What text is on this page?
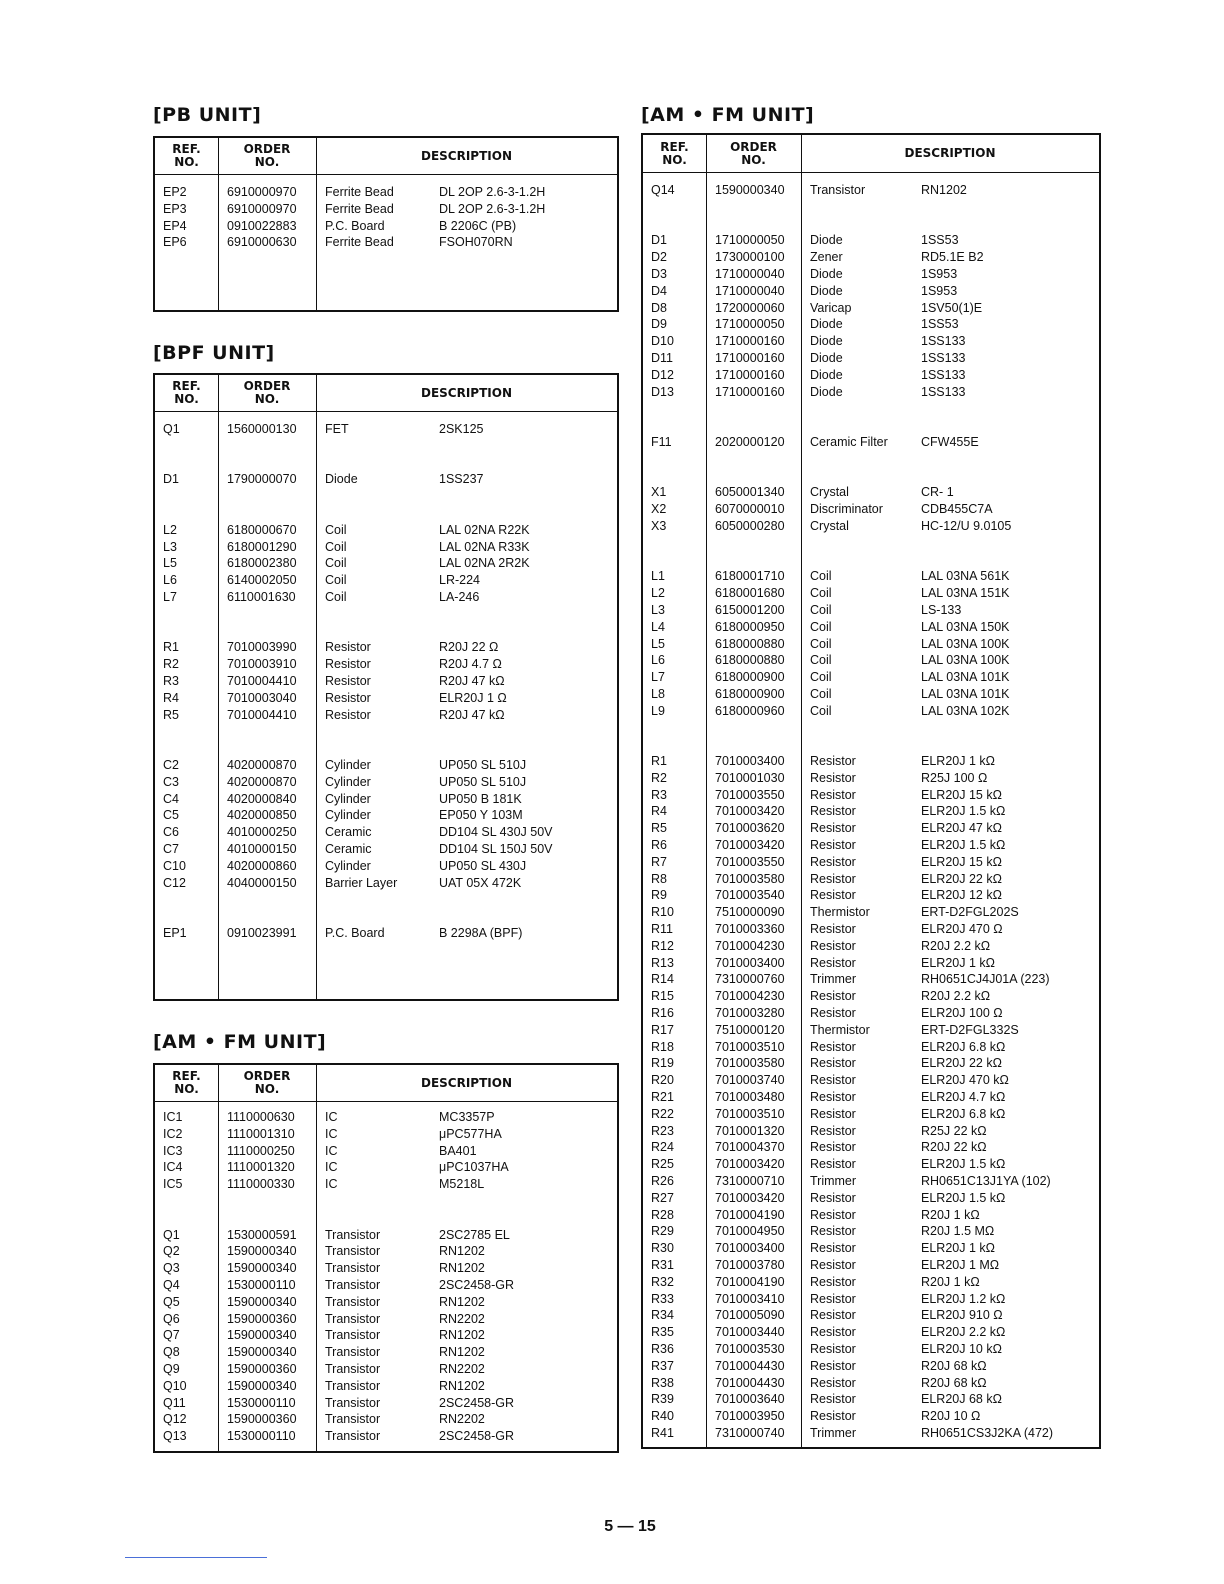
[PB UNIT]
[BPF UNIT]
[AM • FM UNIT]
[AM • FM UNIT]
REF.
NO.
ORDER
NO.	DESCRIPTION
EP2	6910000970 Ferrite Bead	DL 2OP 2.6-3-1.2H
EP3	6910000970 Ferrite Bead	DL 2OP 2.6-3-1.2H
EP4	0910022883 P.C. Board	B 2206C (PB)
EP6	6910000630 Ferrite Bead	FSOH070RN
REF.
NO.
ORDER
NO.	DESCRIPTION
Q1	1560000130 FET	2SK125
D1	1790000070 Diode	1SS237
L2	6180000670 Coil	LAL 02NA R22K
L3	6180001290 Coil	LAL 02NA R33K
L5	6180002380 Coil	LAL 02NA 2R2K
L6	6140002050 Coil	LR-224
L7	6110001630 Coil	LA-246
R1	7010003990 Resistor	R20J 22 Ω
R2	7010003910 Resistor	R20J 4.7 Ω
R3	7010004410 Resistor	R20J 47 kΩ
R4	7010003040 Resistor	ELR20J 1 Ω
R5	7010004410 Resistor	R20J 47 kΩ
C2	4020000870 Cylinder	UP050 SL 510J
C3	4020000870 Cylinder	UP050 SL 510J
C4	4020000840 Cylinder	UP050 B 181K
C5	4020000850 Cylinder	EP050 Y 103M
C6	4010000250 Ceramic	DD104 SL 430J 50V
C7	4010000150 Ceramic	DD104 SL 150J 50V
C10	4020000860 Cylinder	UP050 SL 430J
C12	4040000150 Barrier Layer	UAT 05X 472K
EP1	0910023991 P.C. Board	B 2298A (BPF)
REF.
NO.
ORDER
NO.	DESCRIPTION
IC1	1110000630 IC	MC3357P
IC2	1110001310 IC	μPC577HA
IC3	1110000250 IC	BA401
IC4	1110001320 IC	μPC1037HA
IC5	1110000330 IC	M5218L
Q1	1530000591 Transistor	2SC2785 EL
Q2	1590000340 Transistor	RN1202
Q3	1590000340 Transistor	RN1202
Q4	1530000110 Transistor	2SC2458-GR
Q5	1590000340 Transistor	RN1202
Q6	1590000360 Transistor	RN2202
Q7	1590000340 Transistor	RN1202
Q8	1590000340 Transistor	RN1202
Q9	1590000360 Transistor	RN2202
Q10	1590000340 Transistor	RN1202
Q11	1530000110 Transistor	2SC2458-GR
Q12	1590000360 Transistor	RN2202
Q13	1530000110 Transistor	2SC2458-GR
REF.
NO.
ORDER
NO.	DESCRIPTION
Q14	1590000340 Transistor	RN1202
D1	1710000050 Diode	1SS53
D2	1730000100 Zener	RD5.1E B2
D3	1710000040 Diode	1S953
D4	1710000040 Diode	1S953
D8	1720000060 Varicap	1SV50(1)E
D9	1710000050 Diode	1SS53
D10	1710000160 Diode	1SS133
D11	1710000160 Diode	1SS133
D12	1710000160 Diode	1SS133
D13	1710000160 Diode	1SS133
F11	2020000120 Ceramic Filter	CFW455E
X1	6050001340 Crystal	CR- 1
X2	6070000010 Discriminator	CDB455C7A
X3	6050000280 Crystal	HC-12/U 9.0105
L1	6180001710 Coil	LAL 03NA 561K
L2	6180001680 Coil	LAL 03NA 151K
L3	6150001200 Coil	LS-133
L4	6180000950 Coil	LAL 03NA 150K
L5	6180000880 Coil	LAL 03NA 100K
L6	6180000880 Coil	LAL 03NA 100K
L7	6180000900 Coil	LAL 03NA 101K
L8	6180000900 Coil	LAL 03NA 101K
L9	6180000960 Coil	LAL 03NA 102K
R1	7010003400 Resistor	ELR20J 1 kΩ
R2	7010001030 Resistor	R25J 100 Ω
R3	7010003550 Resistor	ELR20J 15 kΩ
R4	7010003420 Resistor	ELR20J 1.5 kΩ
R5	7010003620 Resistor	ELR20J 47 kΩ
R6	7010003420 Resistor	ELR20J 1.5 kΩ
R7	7010003550 Resistor	ELR20J 15 kΩ
R8	7010003580 Resistor	ELR20J 22 kΩ
R9	7010003540 Resistor	ELR20J 12 kΩ
R10	7510000090 Thermistor	ERT-D2FGL202S
R11	7010003360 Resistor	ELR20J 470 Ω
R12	7010004230 Resistor	R20J 2.2 kΩ
R13	7010003400 Resistor	ELR20J 1 kΩ
R14	7310000760 Trimmer	RH0651CJ4J01A (223)
R15	7010004230 Resistor	R20J 2.2 kΩ
R16	7010003280 Resistor	ELR20J 100 Ω
R17	7510000120 Thermistor	ERT-D2FGL332S
R18	7010003510 Resistor	ELR20J 6.8 kΩ
R19	7010003580 Resistor	ELR20J 22 kΩ
R20	7010003740 Resistor	ELR20J 470 kΩ
R21	7010003480 Resistor	ELR20J 4.7 kΩ
R22	7010003510 Resistor	ELR20J 6.8 kΩ
R23	7010001320 Resistor	R25J 22 kΩ
R24	7010004370 Resistor	R20J 22 kΩ
R25	7010003420 Resistor	ELR20J 1.5 kΩ
R26	7310000710 Trimmer	RH0651C13J1YA (102)
R27	7010003420 Resistor	ELR20J 1.5 kΩ
R28	7010004190 Resistor	R20J 1 kΩ
R29	7010004950 Resistor	R20J 1.5 MΩ
R30	7010003400 Resistor	ELR20J 1 kΩ
R31	7010003780 Resistor	ELR20J 1 MΩ
R32	7010004190 Resistor	R20J 1 kΩ
R33	7010003410 Resistor	ELR20J 1.2 kΩ
R34	7010005090 Resistor	ELR20J 910 Ω
R35	7010003440 Resistor	ELR20J 2.2 kΩ
R36	7010003530 Resistor	ELR20J 10 kΩ
R37	7010004430 Resistor	R20J 68 kΩ
R38	7010004430 Resistor	R20J 68 kΩ
R39	7010003640 Resistor	ELR20J 68 kΩ
R40	7010003950 Resistor	R20J 10 Ω
R41	7310000740 Trimmer	RH0651CS3J2KA (472)
5 — 15
